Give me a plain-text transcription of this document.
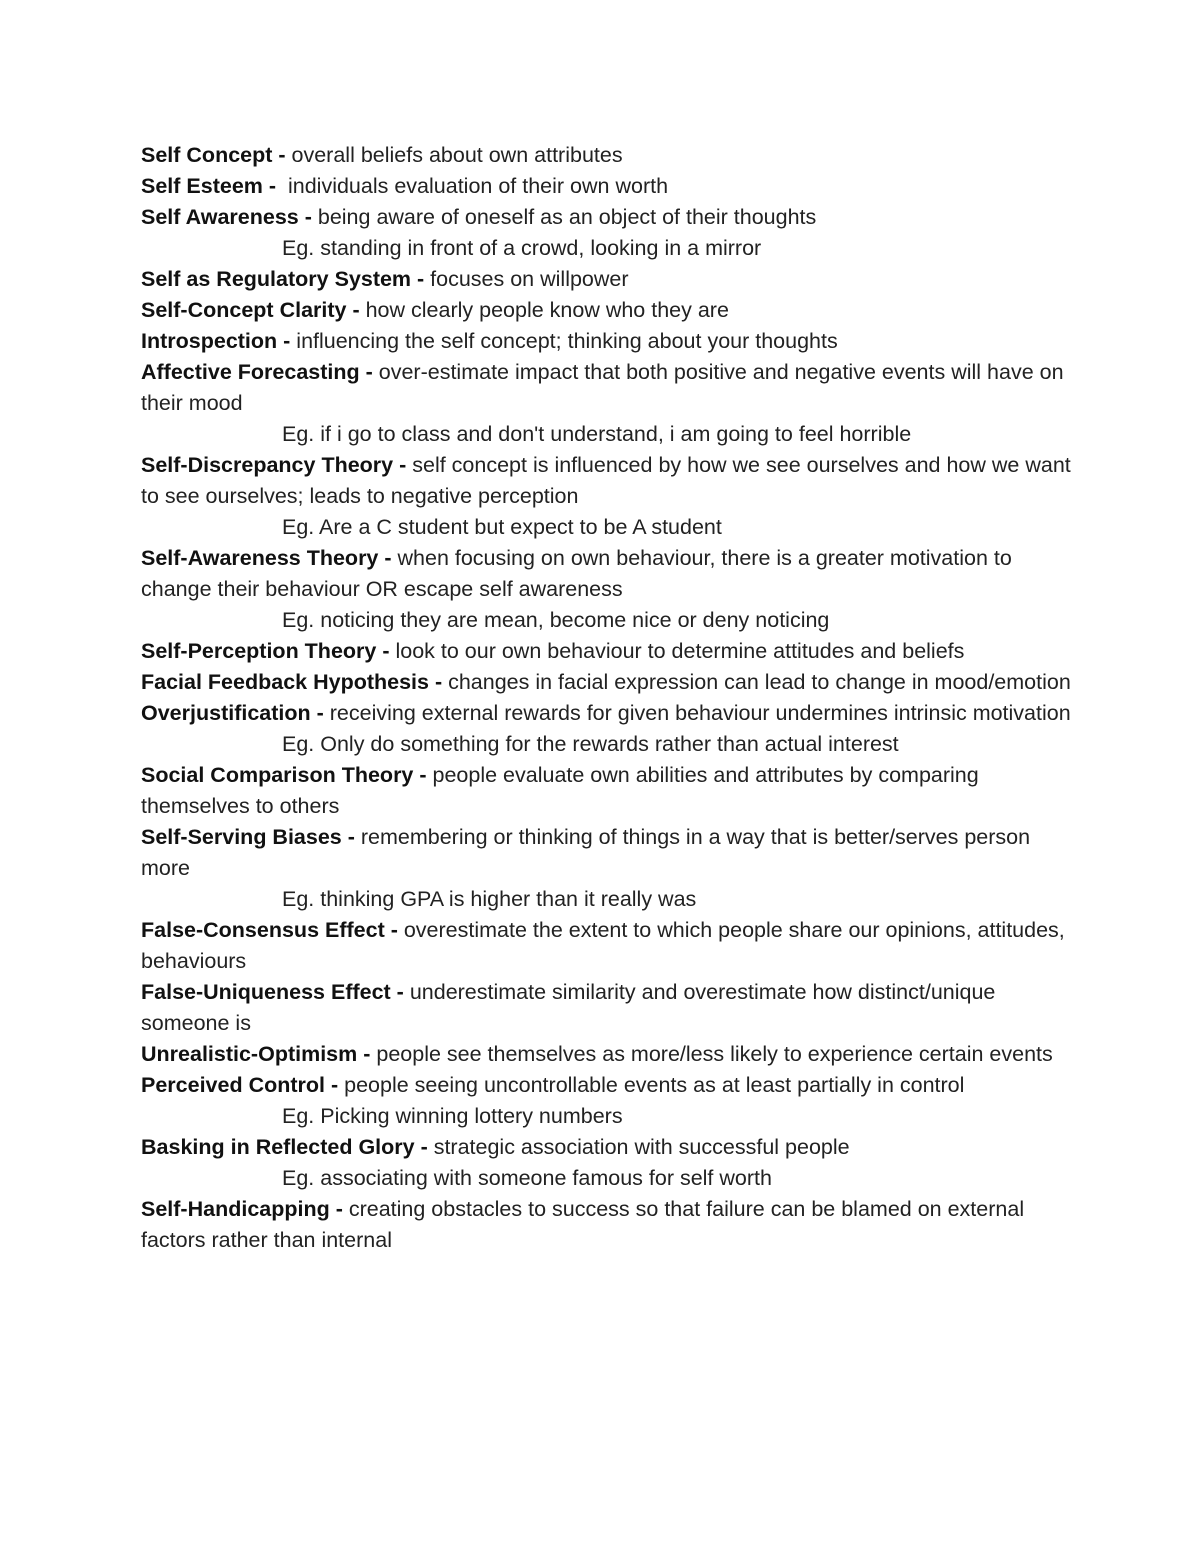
Self Concept - overall beliefs about own attributes

Self Esteem -  individuals evaluation of their own worth

Self Awareness - being aware of oneself as an object of their thoughts

Eg. standing in front of a crowd, looking in a mirror

Self as Regulatory System - focuses on willpower

Self-Concept Clarity - how clearly people know who they are

Introspection - influencing the self concept; thinking about your thoughts

Affective Forecasting - over-estimate impact that both positive and negative events will have on their mood

Eg. if i go to class and don't understand, i am going to feel horrible

Self-Discrepancy Theory - self concept is influenced by how we see ourselves and how we want to see ourselves; leads to negative perception

Eg. Are a C student but expect to be A student

Self-Awareness Theory - when focusing on own behaviour, there is a greater motivation to change their behaviour OR escape self awareness

Eg. noticing they are mean, become nice or deny noticing

Self-Perception Theory - look to our own behaviour to determine attitudes and beliefs

Facial Feedback Hypothesis - changes in facial expression can lead to change in mood/emotion

Overjustification - receiving external rewards for given behaviour undermines intrinsic motivation

Eg. Only do something for the rewards rather than actual interest

Social Comparison Theory - people evaluate own abilities and attributes by comparing themselves to others

Self-Serving Biases - remembering or thinking of things in a way that is better/serves person more

Eg. thinking GPA is higher than it really was

False-Consensus Effect - overestimate the extent to which people share our opinions, attitudes, behaviours

False-Uniqueness Effect - underestimate similarity and overestimate how distinct/unique someone is

Unrealistic-Optimism - people see themselves as more/less likely to experience certain events

Perceived Control - people seeing uncontrollable events as at least partially in control

Eg. Picking winning lottery numbers

Basking in Reflected Glory - strategic association with successful people

Eg. associating with someone famous for self worth

Self-Handicapping - creating obstacles to success so that failure can be blamed on external factors rather than internal
